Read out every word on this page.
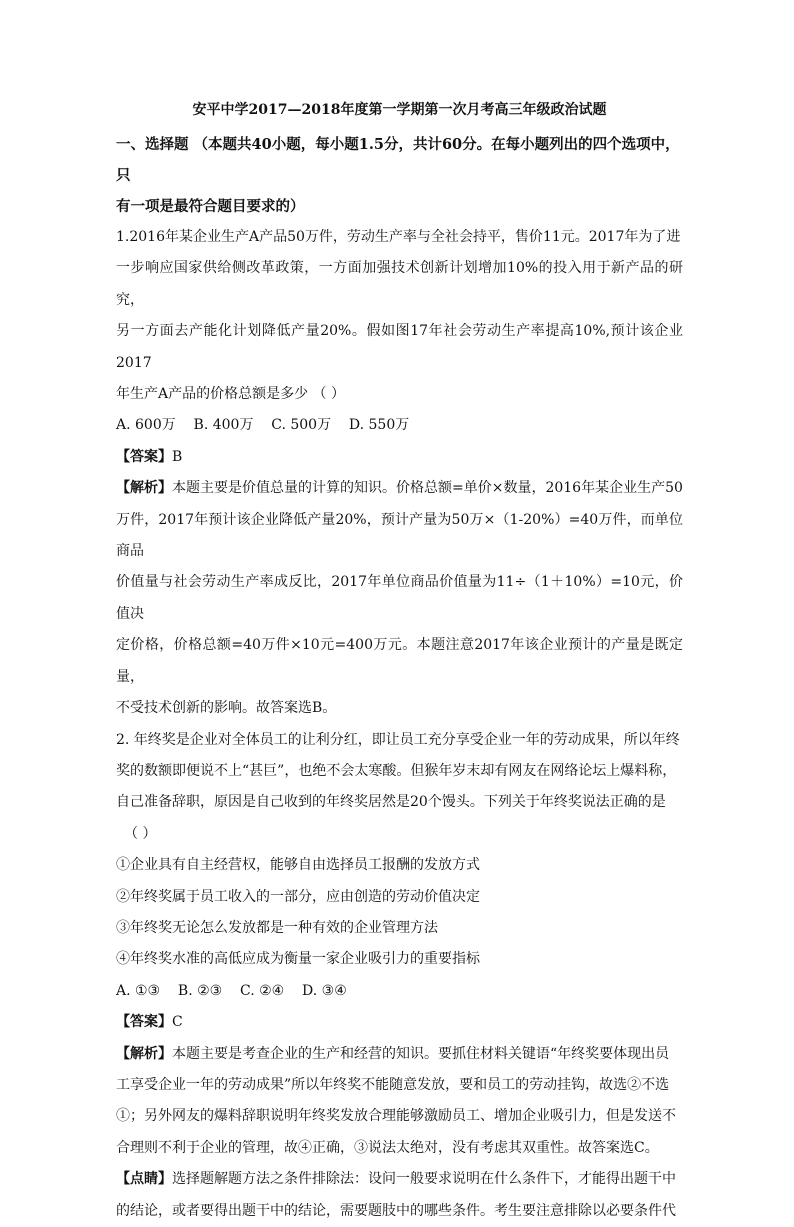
安平中学2017—2018年度第一学期第一次月考高三年级政治试题
一、选择题 （本题共40小题，每小题1.5分，共计60分。在每小题列出的四个选项中，只
有一项是最符合题目要求的）
1.2016年某企业生产A产品50万件，劳动生产率与全社会持平，售价11元。2017年为了进
一步响应国家供给侧改革政策，一方面加强技术创新计划增加10%的投入用于新产品的研究，
另一方面去产能化计划降低产量20%。假如图17年社会劳动生产率提高10%,预计该企业2017
年生产A产品的价格总额是多少 （ ）
A. 600万    B. 400万    C. 500万    D. 550万
【答案】B
【解析】本题主要是价值总量的计算的知识。价格总额=单价×数量，2016年某企业生产50
万件，2017年预计该企业降低产量20%，预计产量为50万×（1-20%）=40万件，而单位商品
价值量与社会劳动生产率成反比，2017年单位商品价值量为11÷（1＋10%）=10元，价值决
定价格，价格总额=40万件×10元=400万元。本题注意2017年该企业预计的产量是既定量，
不受技术创新的影响。故答案选B。
2. 年终奖是企业对全体员工的让利分红，即让员工充分享受企业一年的劳动成果，所以年终
奖的数额即便说不上“甚巨”，也绝不会太寒酸。但猴年岁末却有网友在网络论坛上爆料称，
自己准备辞职，原因是自己收到的年终奖居然是20个馒头。下列关于年终奖说法正确的是
（ ）
①企业具有自主经营权，能够自由选择员工报酬的发放方式
②年终奖属于员工收入的一部分，应由创造的劳动价值决定
③年终奖无论怎么发放都是一种有效的企业管理方法
④年终奖水准的高低应成为衡量一家企业吸引力的重要指标
A. ①③    B. ②③    C. ②④    D. ③④
【答案】C
【解析】本题主要是考查企业的生产和经营的知识。要抓住材料关键语“年终奖要体现出员
工享受企业一年的劳动成果”所以年终奖不能随意发放，要和员工的劳动挂钩，故选②不选
①；另外网友的爆料辞职说明年终奖发放合理能够激励员工、增加企业吸引力，但是发送不
合理则不利于企业的管理，故④正确，③说法太绝对，没有考虑其双重性。故答案选C。
【点睛】选择题解题方法之条件排除法：设问一般要求说明在什么条件下，才能得出题干中
的结论，或者要得出题干中的结论，需要题肢中的哪些条件。考生要注意排除以必要条件代
